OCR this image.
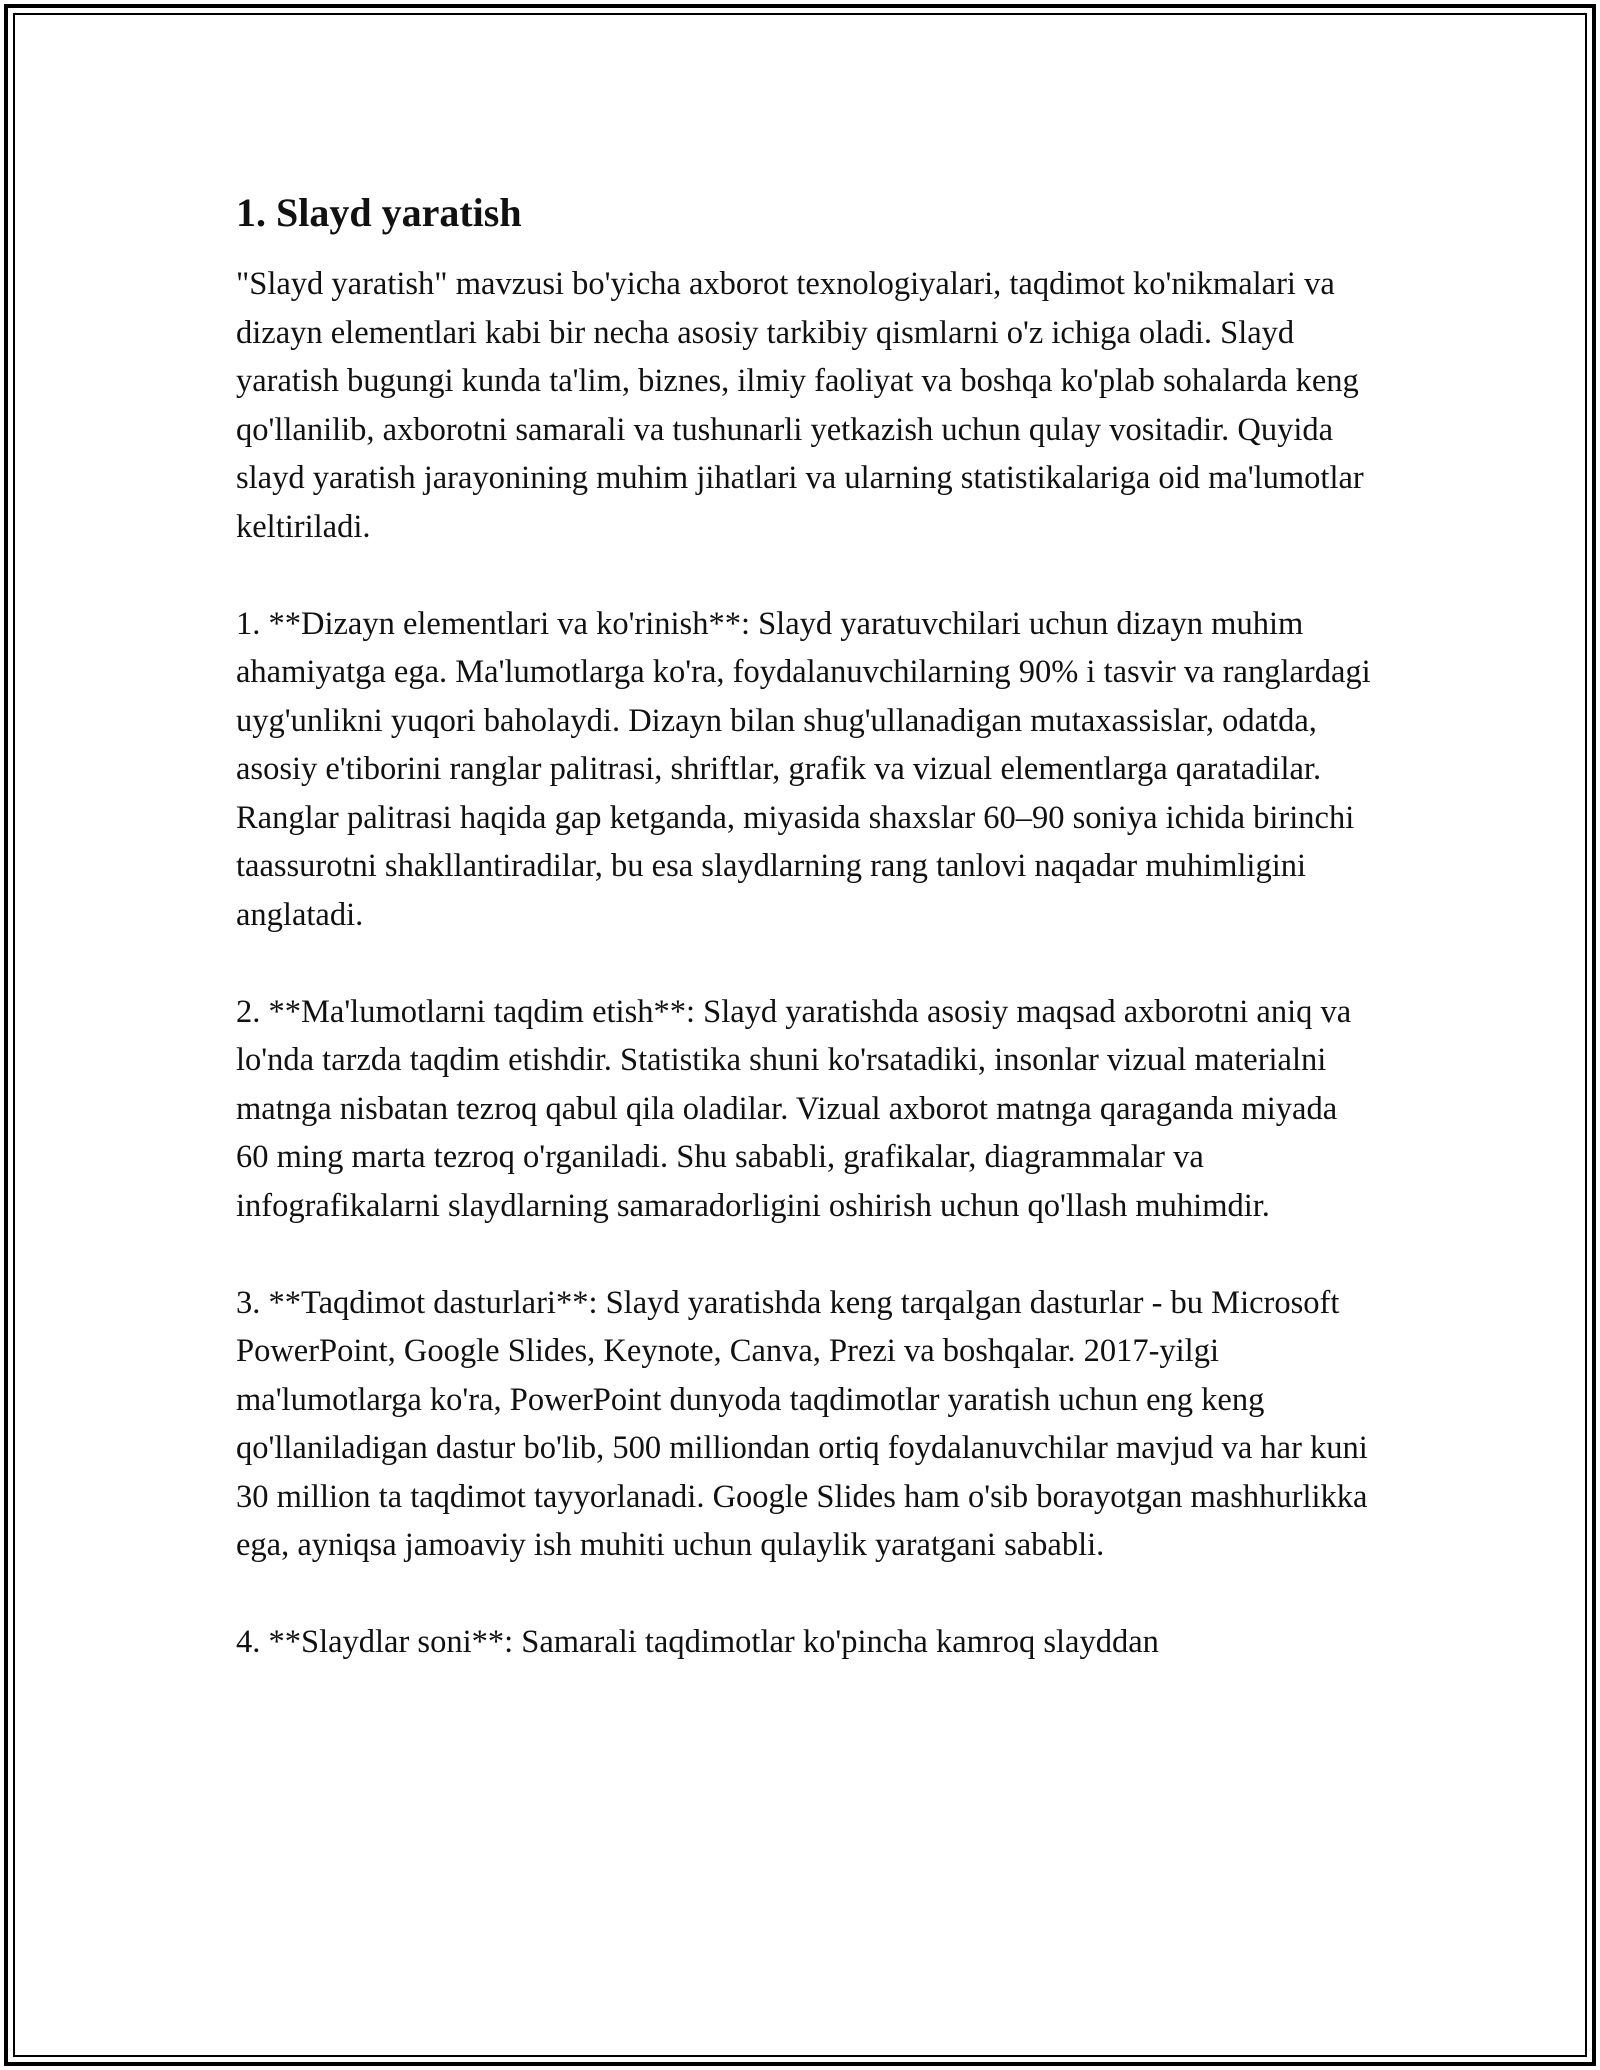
1. Slayd yaratish

"Slayd yaratish" mavzusi bo'yicha axborot texnologiyalari, taqdimot ko'nikmalari va dizayn elementlari kabi bir necha asosiy tarkibiy qismlarni o'z ichiga oladi. Slayd yaratish bugungi kunda ta'lim, biznes, ilmiy faoliyat va boshqa ko'plab sohalarda keng qo'llanilib, axborotni samarali va tushunarli yetkazish uchun qulay vositadir. Quyida slayd yaratish jarayonining muhim jihatlari va ularning statistikalariga oid ma'lumotlar keltiriladi.

1. **Dizayn elementlari va ko'rinish**: Slayd yaratuvchilari uchun dizayn muhim ahamiyatga ega. Ma'lumotlarga ko'ra, foydalanuvchilarning 90% i tasvir va ranglardagi uyg'unlikni yuqori baholaydi. Dizayn bilan shug'ullanadigan mutaxassislar, odatda, asosiy e'tiborini ranglar palitrasi, shriftlar, grafik va vizual elementlarga qaratadilar. Ranglar palitrasi haqida gap ketganda, miyasida shaxslar 60–90 soniya ichida birinchi taassurotni shakllantiradilar, bu esa slaydlarning rang tanlovi naqadar muhimligini anglatadi.

2. **Ma'lumotlarni taqdim etish**: Slayd yaratishda asosiy maqsad axborotni aniq va lo'nda tarzda taqdim etishdir. Statistika shuni ko'rsatadiki, insonlar vizual materialni matnga nisbatan tezroq qabul qila oladilar. Vizual axborot matnga qaraganda miyada 60 ming marta tezroq o'rganiladi. Shu sababli, grafikalar, diagrammalar va infografikalarni slaydlarning samaradorligini oshirish uchun qo'llash muhimdir.

3. **Taqdimot dasturlari**: Slayd yaratishda keng tarqalgan dasturlar - bu Microsoft PowerPoint, Google Slides, Keynote, Canva, Prezi va boshqalar. 2017-yilgi ma'lumotlarga ko'ra, PowerPoint dunyoda taqdimotlar yaratish uchun eng keng qo'llaniladigan dastur bo'lib, 500 milliondan ortiq foydalanuvchilar mavjud va har kuni 30 million ta taqdimot tayyorlanadi. Google Slides ham o'sib borayotgan mashhurlikka ega, ayniqsa jamoaviy ish muhiti uchun qulaylik yaratgani sababli.

4. **Slaydlar soni**: Samarali taqdimotlar ko'pincha kamroq slayddan
